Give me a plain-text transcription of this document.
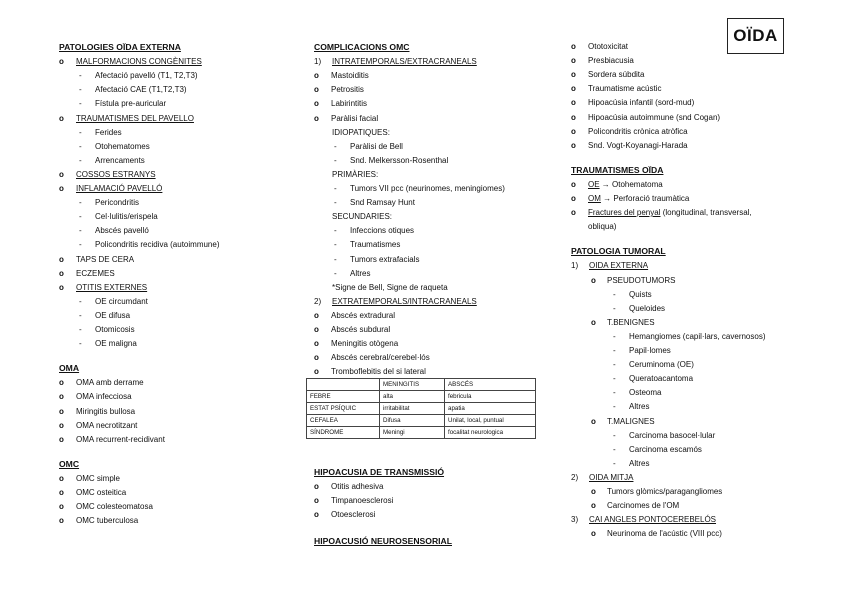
OÏDA
PATOLOGIES OÏDA EXTERNA
o MALFORMACIONS CONGÈNITES
- Afectació pavelló (T1, T2,T3)
- Afectació CAE (T1,T2,T3)
- Fístula pre-auricular
o TRAUMATISMES DEL PAVELLO
- Ferides
- Otohematomes
- Arrencaments
o COSSOS ESTRANYS
o INFLAMACIÓ PAVELLÓ
- Pericondritis
- Cel·lulitis/erispela
- Abscés pavelló
- Policondritis recidiva (autoimmune)
o TAPS DE CERA
o ECZEMES
o OTITIS EXTERNES
- OE circumdant
- OE difusa
- Otomicosis
- OE maligna
OMA
o OMA amb derrame
o OMA infecciosa
o Miringitis bullosa
o OMA necrotitzant
o OMA recurrent-recidivant
OMC
o OMC simple
o OMC osteitica
o OMC colesteomatosa
o OMC tuberculosa
COMPLICACIONS OMC
1) INTRATEMPORALS/EXTRACRANEALS
o Mastoiditis
o Petrositis
o Labirintitis
o Paràlisi facial
IDIOPATIQUES:
- Paràlisi de Bell
- Snd. Melkersson-Rosenthal
PRIMÀRIES:
- Tumors VII pcc (neurinomes, meningiomes)
- Snd Ramsay Hunt
SECUNDARIES:
- Infeccions otiques
- Traumatismes
- Tumors extrafacials
- Altres
*Signe de Bell, Signe de raqueta
2) EXTRATEMPORALS/INTRACRANEALS
o Abscés extradural
o Abscés subdural
o Meningitis otògena
o Abscés cerebral/cerebel·lós
o Tromboflebitis del si lateral
	MENINGITIS	ABSCÉS
FEBRE	alta	febricula
ESTAT PSÍQUIC	irritabilitat	apatia
CEFALEA	Difusa	Unilat, local, puntual
SÍNDROME	Meningi	focalitat neurologica
HIPOACUSIA DE TRANSMISSIÓ
o Otitis adhesiva
o Timpanoesclerosi
o Otoesclerosi
HIPOACUSIÓ NEUROSENSORIAL
o Ototoxicitat
o Presbiacusia
o Sordera súbdita
o Traumatisme acústic
o Hipoacúsia infantil (sord-mud)
o Hipoacúsia autoimmune (snd Cogan)
o Policondritis crònica atròfica
o Snd. Vogt-Koyanagi-Harada
TRAUMATISMES OÏDA
o OE → Otohematoma
o OM → Perforació traumàtica
o Fractures del penyal (longitudinal, transversal,
obliqua)
PATOLOGIA TUMORAL
1) OIDA EXTERNA
o PSEUDOTUMORS
- Quists
- Queloides
o T.BENIGNES
- Hemangiomes (capil·lars, cavernosos)
- Papil·lomes
- Ceruminoma (OE)
- Queratoacantoma
- Osteoma
- Altres
o T.MALIGNES
- Carcinoma basocel·lular
- Carcinoma escamós
- Altres
2) OIDA MITJA
o Tumors glòmics/paragangliomes
o Carcinomes de l'OM
3) CAI ANGLES PONTOCEREBELÓS
o Neurinoma de l'acústic (VIII pcc)
